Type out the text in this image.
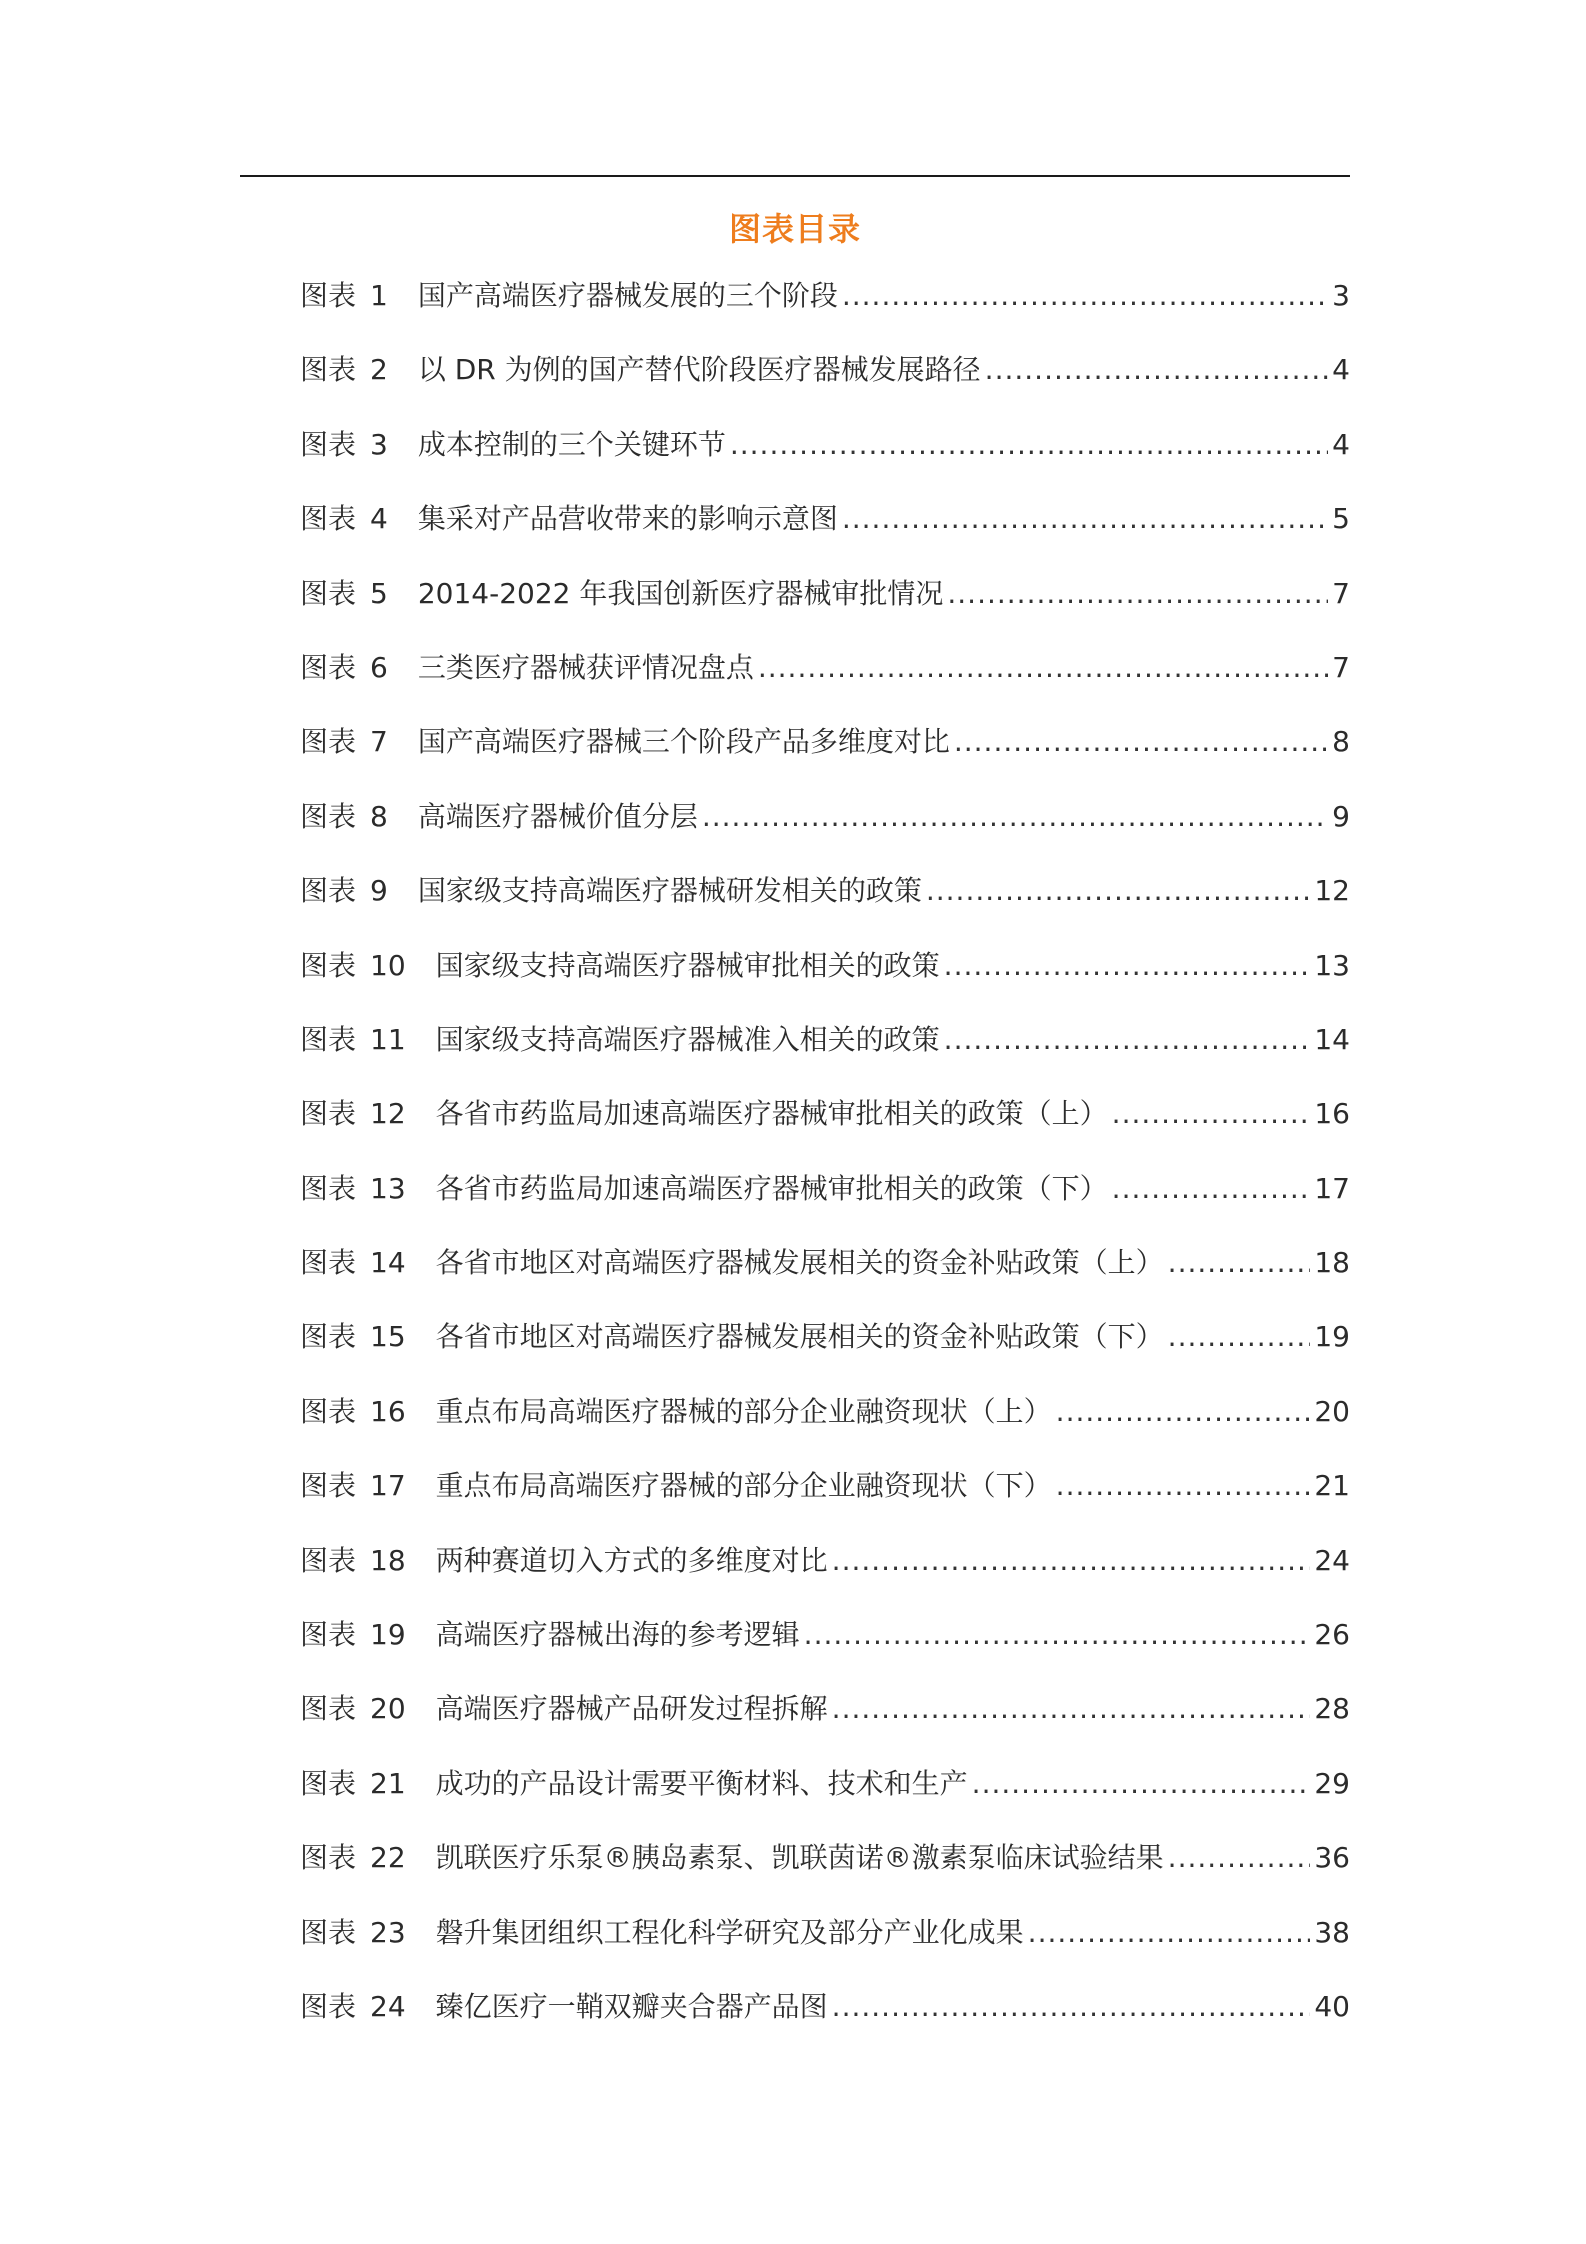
图表目录
图表 1 国产高端医疗器械发展的三个阶段 .....	3
图表 2 以 DR 为例的国产替代阶段医疗器械发展路径 .....	4
图表 3 成本控制的三个关键环节 .....	4
图表 4 集采对产品营收带来的影响示意图 .....	5
图表 5 2014-2022 年我国创新医疗器械审批情况 .....	7
图表 6 三类医疗器械获评情况盘点 .....	7
图表 7 国产高端医疗器械三个阶段产品多维度对比 .....	8
图表 8 高端医疗器械价值分层 .....	9
图表 9 国家级支持高端医疗器械研发相关的政策 .....	12
图表 10 国家级支持高端医疗器械审批相关的政策 .....	13
图表 11 国家级支持高端医疗器械准入相关的政策 .....	14
图表 12 各省市药监局加速高端医疗器械审批相关的政策（上） .....	16
图表 13 各省市药监局加速高端医疗器械审批相关的政策（下） .....	17
图表 14 各省市地区对高端医疗器械发展相关的资金补贴政策（上） .....	18
图表 15 各省市地区对高端医疗器械发展相关的资金补贴政策（下） .....	19
图表 16 重点布局高端医疗器械的部分企业融资现状（上） .....	20
图表 17 重点布局高端医疗器械的部分企业融资现状（下） .....	21
图表 18 两种赛道切入方式的多维度对比 .....	24
图表 19 高端医疗器械出海的参考逻辑 .....	26
图表 20 高端医疗器械产品研发过程拆解 .....	28
图表 21 成功的产品设计需要平衡材料、技术和生产 .....	29
图表 22 凯联医疗乐泵®胰岛素泵、凯联茵诺®激素泵临床试验结果 .....	36
图表 23 磐升集团组织工程化科学研究及部分产业化成果 .....	38
图表 24 臻亿医疗一鞘双瓣夹合器产品图 .....	40
